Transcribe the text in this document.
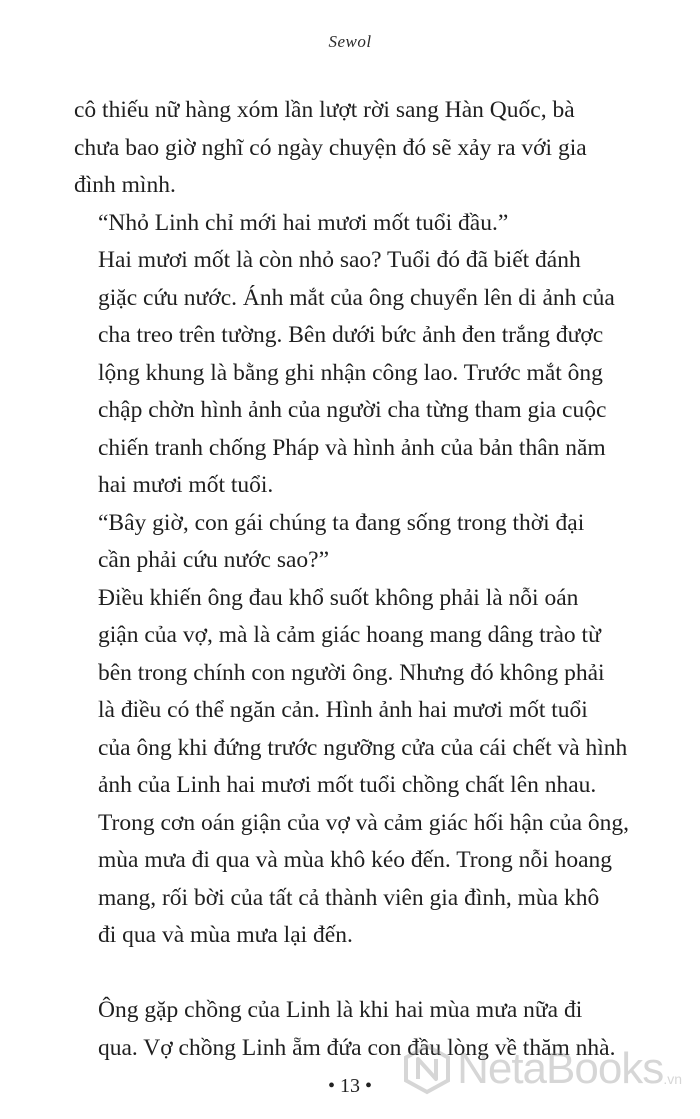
Sewol

cô thiếu nữ hàng xóm lần lượt rời sang Hàn Quốc, bà
chưa bao giờ nghĩ có ngày chuyện đó sẽ xảy ra với gia
đình mình.

“Nhỏ Linh chỉ mới hai mươi mốt tuổi đầu.”

Hai mươi mốt là còn nhỏ sao? Tuổi đó đã biết đánh
giặc cứu nước. Ánh mắt của ông chuyển lên di ảnh của
cha treo trên tường. Bên dưới bức ảnh đen trắng được
lộng khung là bằng ghi nhận công lao. Trước mắt ông
chập chờn hình ảnh của người cha từng tham gia cuộc
chiến tranh chống Pháp và hình ảnh của bản thân năm
hai mươi mốt tuổi.

“Bây giờ, con gái chúng ta đang sống trong thời đại
cần phải cứu nước sao?”

Điều khiến ông đau khổ suốt không phải là nỗi oán
giận của vợ, mà là cảm giác hoang mang dâng trào từ
bên trong chính con người ông. Nhưng đó không phải
là điều có thể ngăn cản. Hình ảnh hai mươi mốt tuổi
của ông khi đứng trước ngưỡng cửa của cái chết và hình
ảnh của Linh hai mươi mốt tuổi chồng chất lên nhau.
Trong cơn oán giận của vợ và cảm giác hối hận của ông,
mùa mưa đi qua và mùa khô kéo đến. Trong nỗi hoang
mang, rối bời của tất cả thành viên gia đình, mùa khô
đi qua và mùa mưa lại đến.

Ông gặp chồng của Linh là khi hai mùa mưa nữa đi
qua. Vợ chồng Linh ẵm đứa con đầu lòng về thăm nhà.

• 13 •	NetaBooks .vn
